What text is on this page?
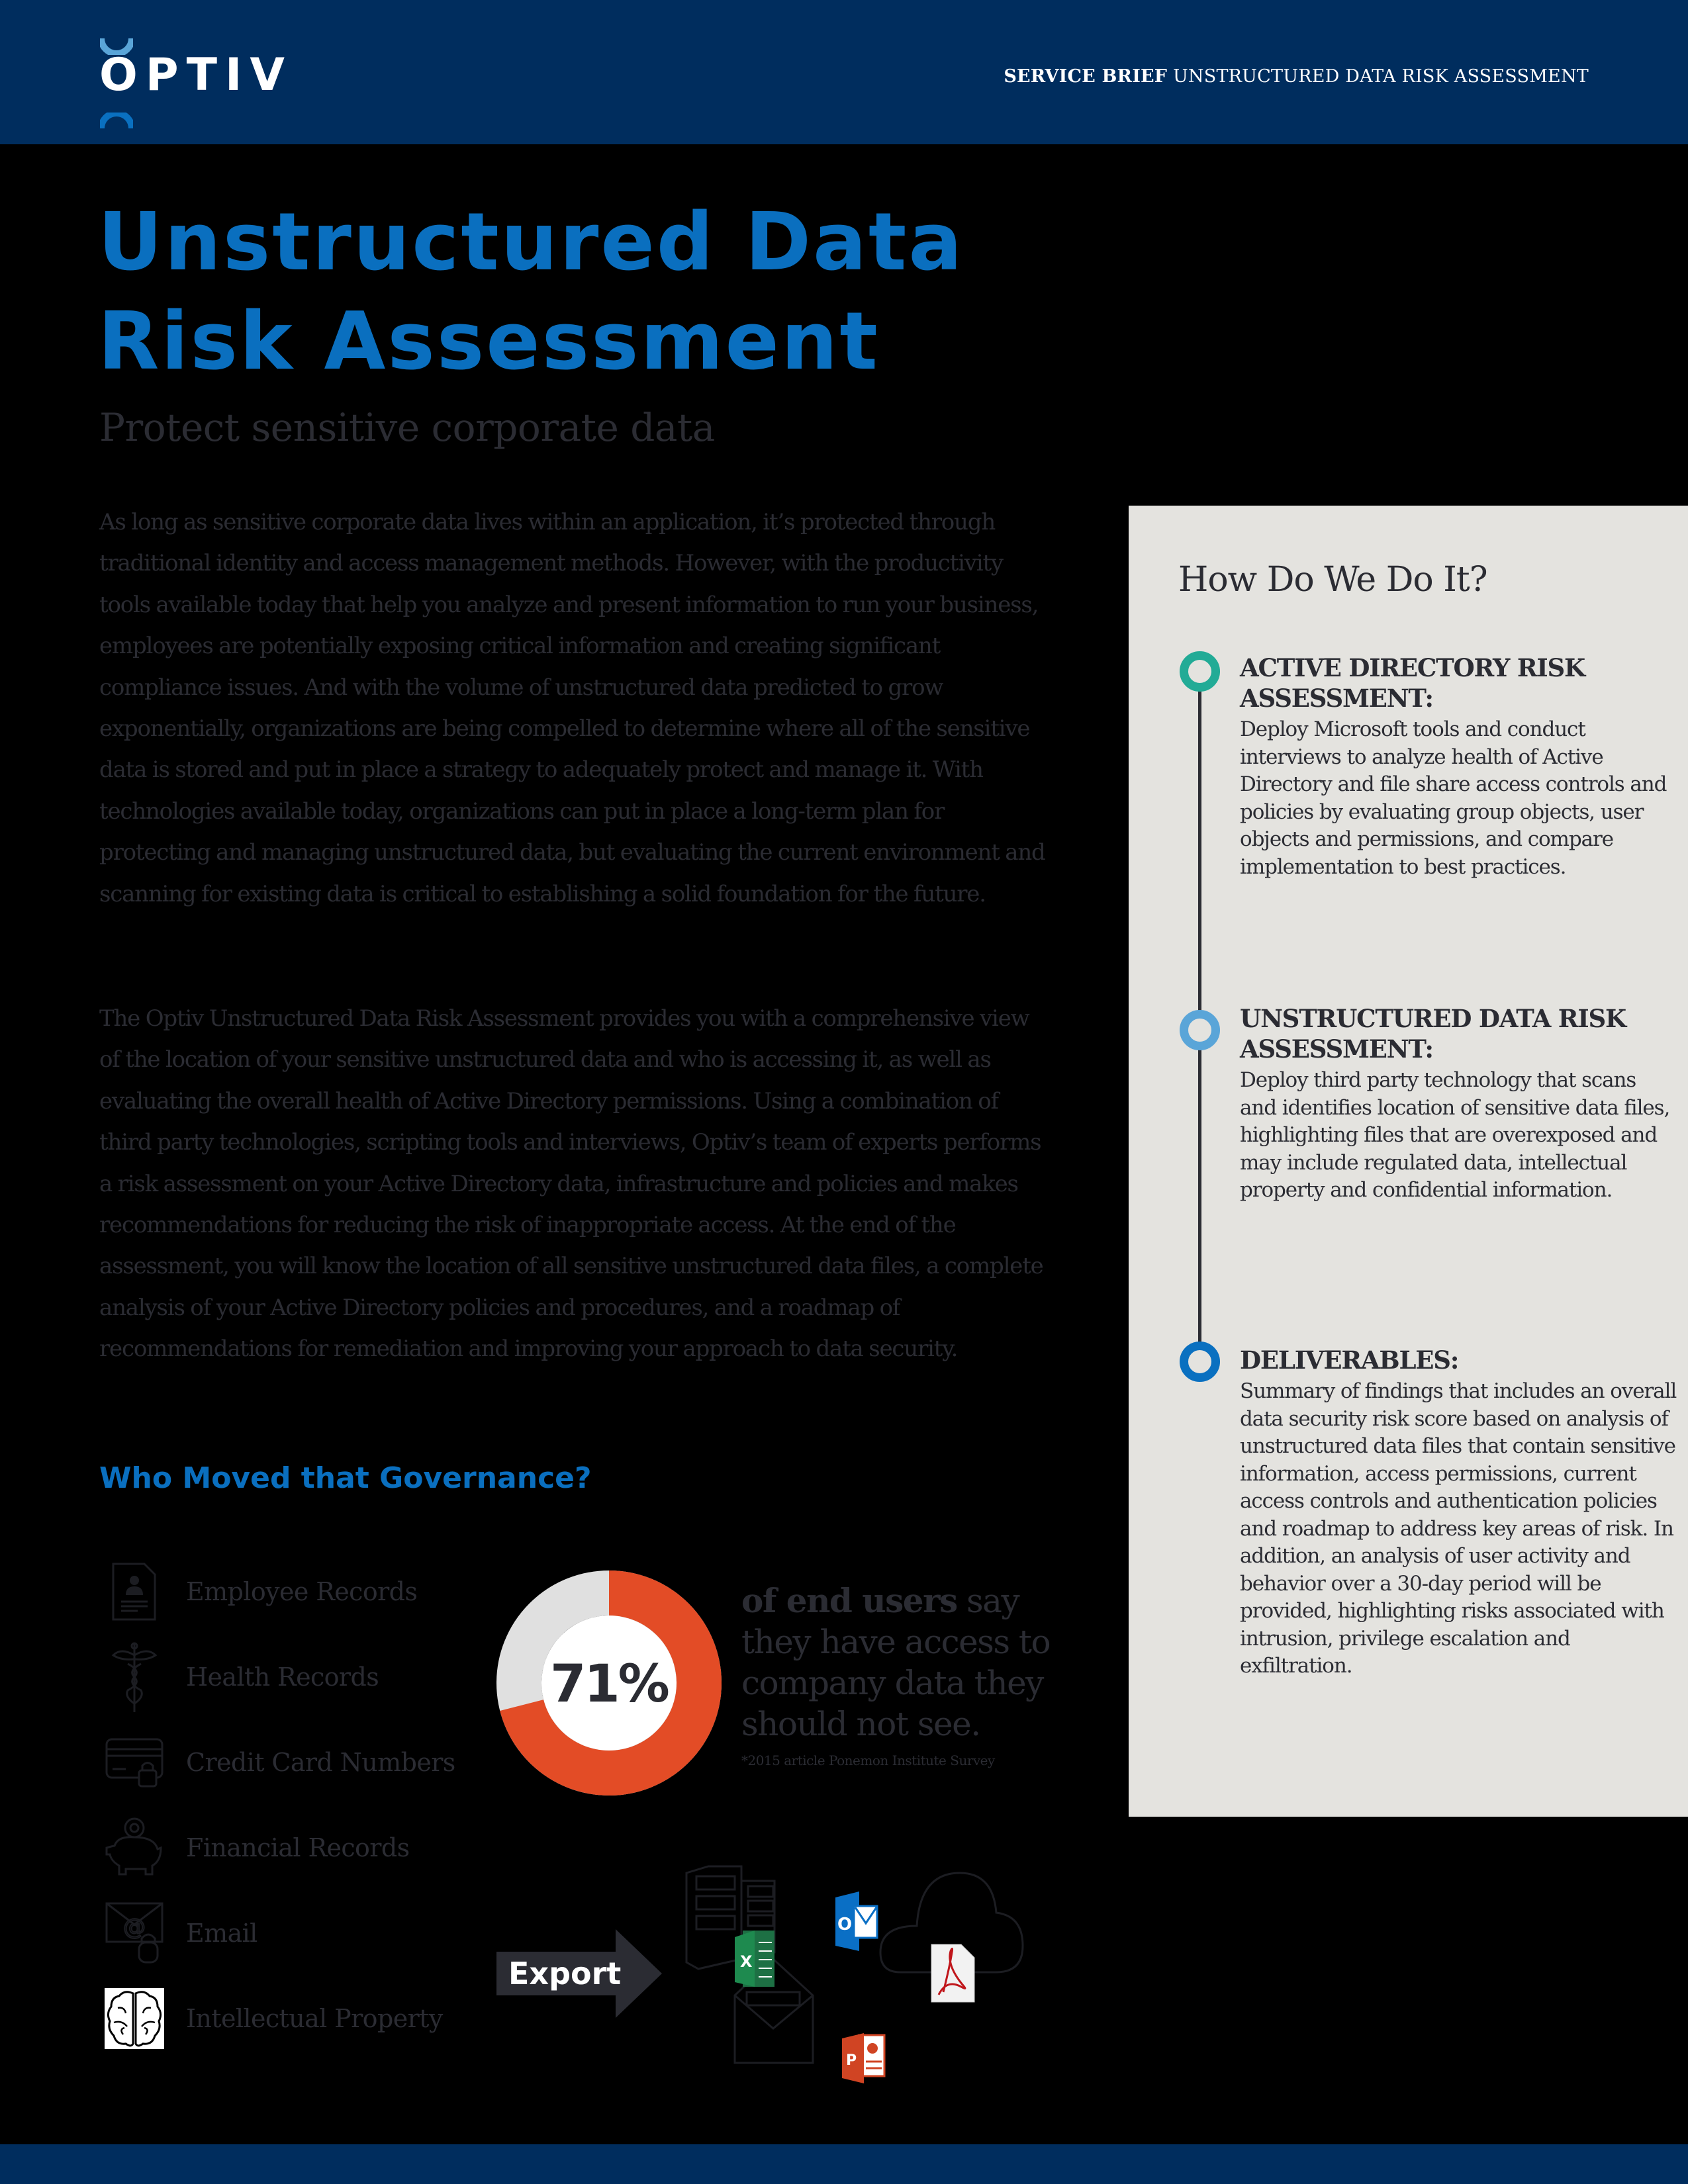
OPTIV	SERVICE BRIEF UNSTRUCTURED DATA RISK ASSESSMENT
Unstructured Data
Risk Assessment
Protect sensitive corporate data

As long as sensitive corporate data lives within an application, it’s protected through traditional identity and access management methods. However, with the productivity tools available today that help you analyze and present information to run your business, employees are potentially exposing critical information and creating significant compliance issues. And with the volume of unstructured data predicted to grow exponentially, organizations are being compelled to determine where all of the sensitive data is stored and put in place a strategy to adequately protect and manage it. With technologies available today, organizations can put in place a long-term plan for protecting and managing unstructured data, but evaluating the current environment and scanning for existing data is critical to establishing a solid foundation for the future.

The Optiv Unstructured Data Risk Assessment provides you with a comprehensive view of the location of your sensitive unstructured data and who is accessing it, as well as evaluating the overall health of Active Directory permissions. Using a combination of third party technologies, scripting tools and interviews, Optiv’s team of experts performs a risk assessment on your Active Directory data, infrastructure and policies and makes recommendations for reducing the risk of inappropriate access. At the end of the assessment, you will know the location of all sensitive unstructured data files, a complete analysis of your Active Directory policies and procedures, and a roadmap of recommendations for remediation and improving your approach to data security.

Who Moved that Governance?
Employee Records
Health Records
Credit Card Numbers
Financial Records
@ Email
Intellectual Property
71%
of end users say they have access to company data they should not see.
*2015 article Ponemon Institute Survey
Export	X
O
P
How Do We Do It?
ACTIVE DIRECTORY RISK ASSESSMENT:
Deploy Microsoft tools and conduct interviews to analyze health of Active Directory and file share access controls and policies by evaluating group objects, user objects and permissions, and compare implementation to best practices.
UNSTRUCTURED DATA RISK ASSESSMENT:
Deploy third party technology that scans and identifies location of sensitive data files, highlighting files that are overexposed and may include regulated data, intellectual property and confidential information.
DELIVERABLES:
Summary of findings that includes an overall data security risk score based on analysis of unstructured data files that contain sensitive information, access permissions, current access controls and authentication policies and roadmap to address key areas of risk. In addition, an analysis of user activity and behavior over a 30-day period will be provided, highlighting risks associated with intrusion, privilege escalation and exfiltration.
